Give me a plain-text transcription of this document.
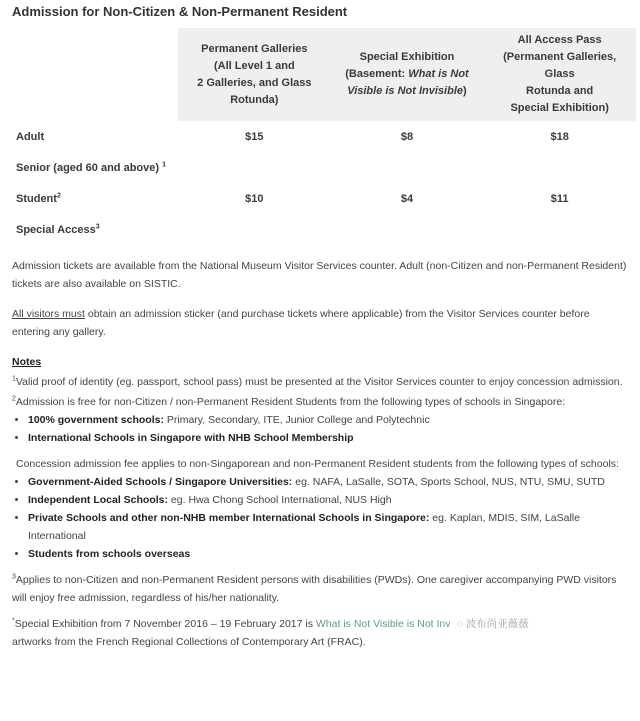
Admission for Non-Citizen & Non-Permanent Resident
	Permanent Galleries
(All Level 1 and
2 Galleries, and Glass
Rotunda)	Special Exhibition
(Basement: What is Not
Visible is Not Invisible)	All Access Pass
(Permanent Galleries, Glass
Rotunda and
Special Exhibition)
Adult	$15	$8	$18
Senior (aged 60 and above) $^1$			
Student$^2$	$10	$4	$11
Special Access$^3$			

Admission tickets are available from the National Museum Visitor Services counter. Adult (non-Citizen and non-Permanent Resident) tickets are also available on SISTIC.

All visitors must obtain an admission sticker (and purchase tickets where applicable) from the Visitor Services counter before entering any gallery.

Notes

$^1$Valid proof of identity (eg. passport, school pass) must be presented at the Visitor Services counter to enjoy concession admission.

$^2$Admission is free for non-Citizen / non-Permanent Resident Students from the following types of schools in Singapore:

• 100% government schools: Primary, Secondary, ITE, Junior College and Polytechnic
• International Schools in Singapore with NHB School Membership

Concession admission fee applies to non-Singaporean and non-Permanent Resident students from the following types of schools:

• Government-Aided Schools / Singapore Universities: eg. NAFA, LaSalle, SOTA, Sports School, NUS, NTU, SMU, SUTD
• Independent Local Schools: eg. Hwa Chong School International, NUS High
• Private Schools and other non-NHB member International Schools in Singapore: eg. Kaplan, MDIS, SIM, LaSalle International
• Students from schools overseas

$^3$Applies to non-Citizen and non-Permanent Resident persons with disabilities (PWDs). One caregiver accompanying PWD visitors will enjoy free admission, regardless of his/her nationality.

*Special Exhibition from 7 November 2016 – 19 February 2017 is What is Not Visible is Not Inv ◌ 波布尚亚薇薇
artworks from the French Regional Collections of Contemporary Art (FRAC).
